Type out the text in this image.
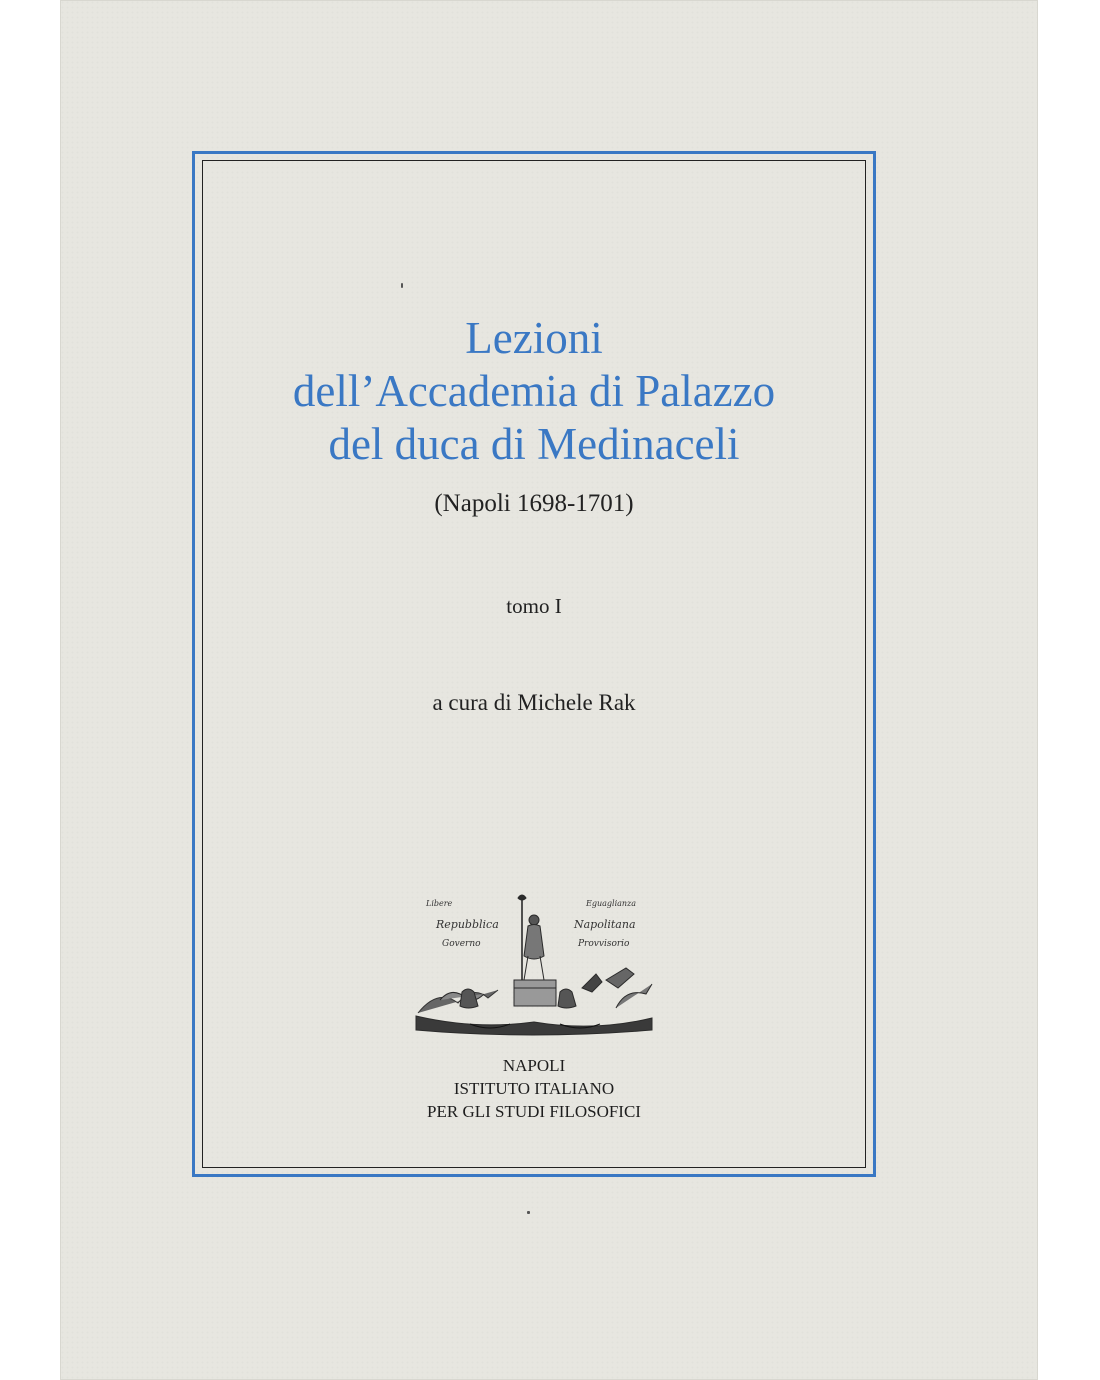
Lezioni
dell’Accademia di Palazzo
del duca di Medinaceli
(Napoli 1698-1701)
tomo I
a cura di Michele Rak
Libere	Eguaglianza
Repubblica	Napolitana
Governo	Provvisorio
NAPOLI
ISTITUTO ITALIANO
PER GLI STUDI FILOSOFICI
